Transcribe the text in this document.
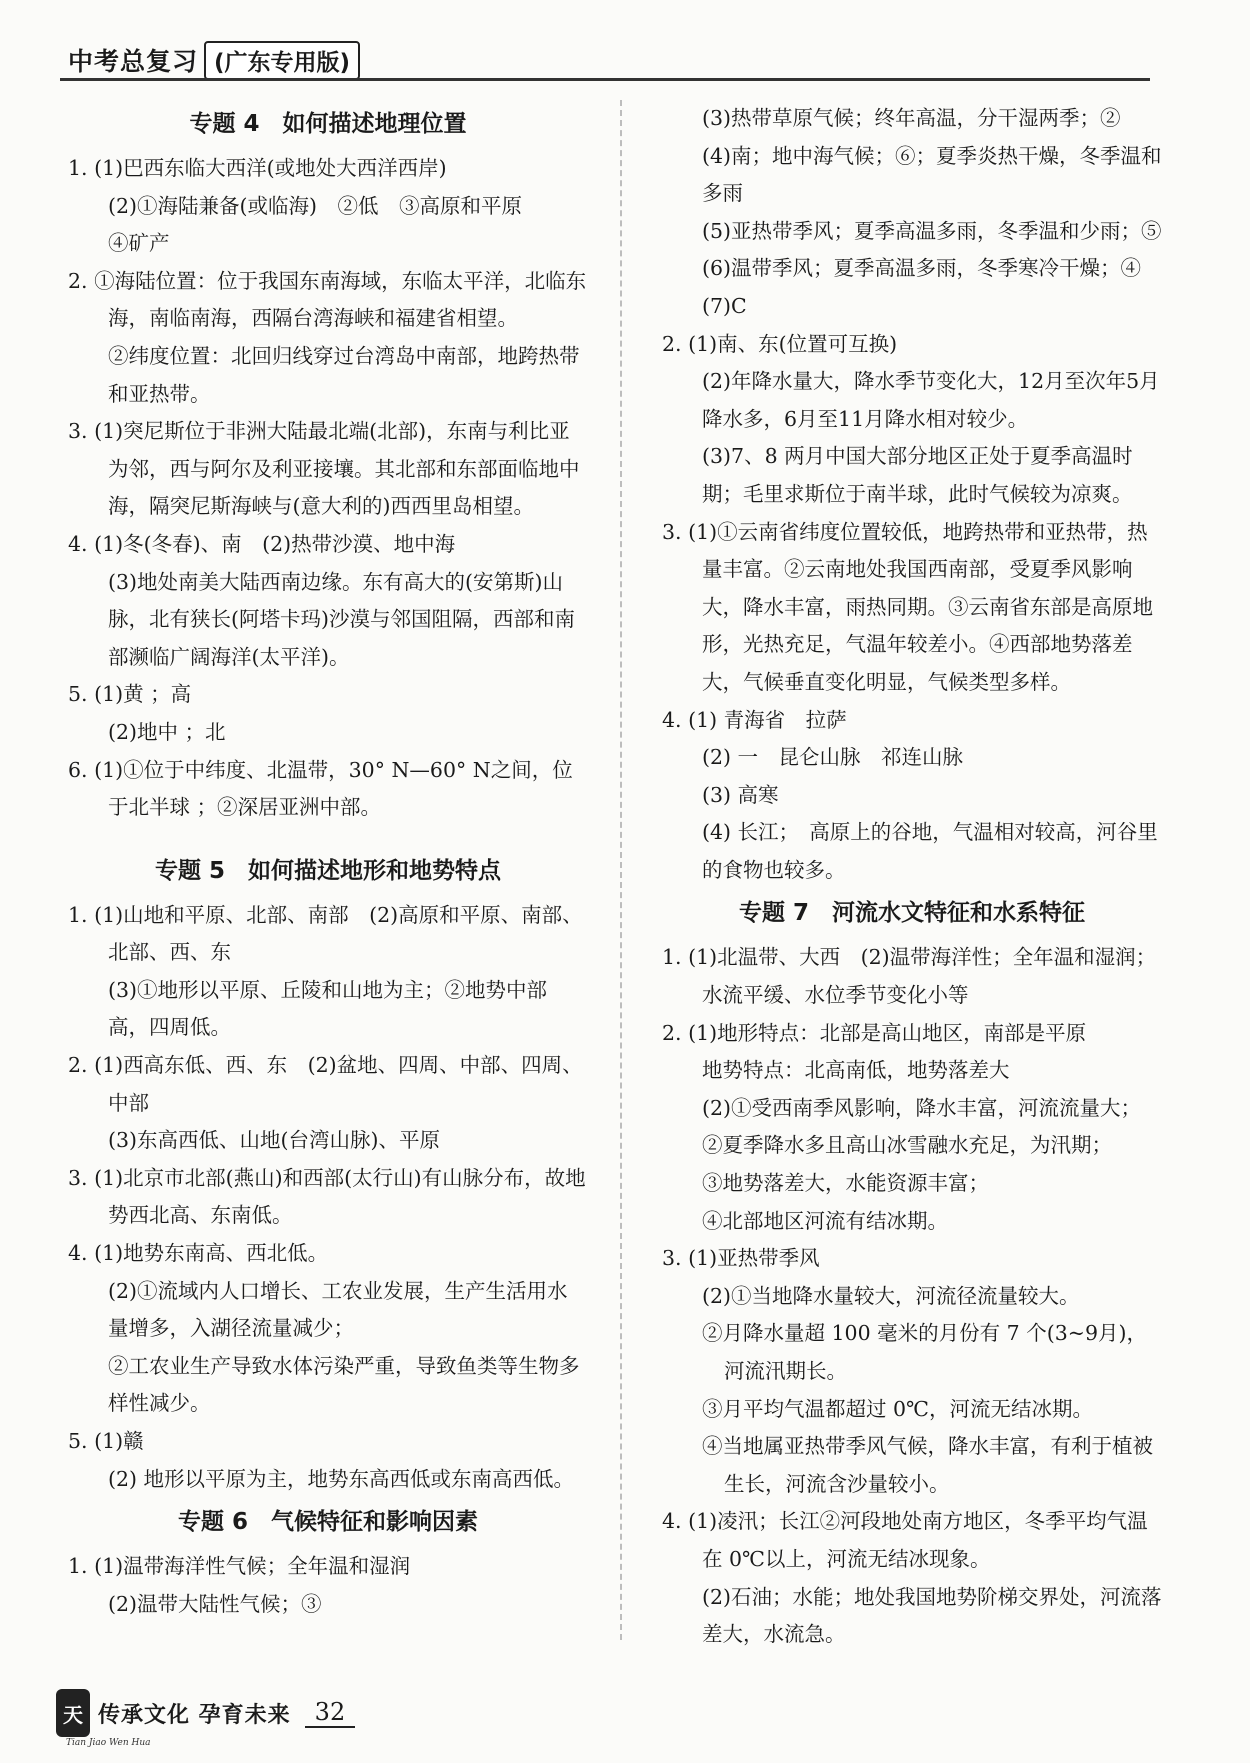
中考总复习 (广东专用版)
专题 4　如何描述地理位置
1. (1)巴西东临大西洋(或地处大西洋西岸)
(2)①海陆兼备(或临海)　②低　③高原和平原
④矿产
2. ①海陆位置：位于我国东南海域，东临太平洋，北临东海，南临南海，西隔台湾海峡和福建省相望。
②纬度位置：北回归线穿过台湾岛中南部，地跨热带和亚热带。
3. (1)突尼斯位于非洲大陆最北端(北部)，东南与利比亚为邻，西与阿尔及利亚接壤。其北部和东部面临地中海，隔突尼斯海峡与(意大利的)西西里岛相望。
4. (1)冬(冬春)、南　(2)热带沙漠、地中海
(3)地处南美大陆西南边缘。东有高大的(安第斯)山脉，北有狭长(阿塔卡玛)沙漠与邻国阻隔，西部和南部濒临广阔海洋(太平洋)。
5. (1)黄 ；高
(2)地中 ；北
6. (1)①位于中纬度、北温带，30° N—60° N之间，位于北半球 ；②深居亚洲中部。
专题 5　如何描述地形和地势特点
1. (1)山地和平原、北部、南部　(2)高原和平原、南部、北部、西、东
(3)①地形以平原、丘陵和山地为主；②地势中部高，四周低。
2. (1)西高东低、西、东　(2)盆地、四周、中部、四周、中部
(3)东高西低、山地(台湾山脉)、平原
3. (1)北京市北部(燕山)和西部(太行山)有山脉分布，故地势西北高、东南低。
4. (1)地势东南高、西北低。
(2)①流域内人口增长、工农业发展，生产生活用水量增多，入湖径流量减少；
②工农业生产导致水体污染严重，导致鱼类等生物多样性减少。
5. (1)赣
(2) 地形以平原为主，地势东高西低或东南高西低。
专题 6　气候特征和影响因素
1. (1)温带海洋性气候；全年温和湿润
(2)温带大陆性气候；③
(3)热带草原气候；终年高温，分干湿两季；②
(4)南；地中海气候；⑥；夏季炎热干燥，冬季温和多雨
(5)亚热带季风；夏季高温多雨，冬季温和少雨；⑤
(6)温带季风；夏季高温多雨，冬季寒冷干燥；④
(7)C
2. (1)南、东(位置可互换)
(2)年降水量大，降水季节变化大，12月至次年5月降水多，6月至11月降水相对较少。
(3)7、8 两月中国大部分地区正处于夏季高温时期；毛里求斯位于南半球，此时气候较为凉爽。
3. (1)①云南省纬度位置较低，地跨热带和亚热带，热量丰富。②云南地处我国西南部，受夏季风影响大，降水丰富，雨热同期。③云南省东部是高原地形，光热充足，气温年较差小。④西部地势落差大，气候垂直变化明显，气候类型多样。
4. (1) 青海省　拉萨
(2) 一　昆仑山脉　祁连山脉
(3) 高寒
(4) 长江；　高原上的谷地，气温相对较高，河谷里的食物也较多。
专题 7　河流水文特征和水系特征
1. (1)北温带、大西　(2)温带海洋性；全年温和湿润；水流平缓、水位季节变化小等
2. (1)地形特点：北部是高山地区，南部是平原
地势特点：北高南低，地势落差大
(2)①受西南季风影响，降水丰富，河流流量大；
②夏季降水多且高山冰雪融水充足，为汛期；
③地势落差大，水能资源丰富；
④北部地区河流有结冰期。
3. (1)亚热带季风
(2)①当地降水量较大，河流径流量较大。
②月降水量超 100 毫米的月份有 7 个(3~9月)，河流汛期长。
③月平均气温都超过 0℃，河流无结冰期。
④当地属亚热带季风气候，降水丰富，有利于植被生长，河流含沙量较小。
4. (1)凌汛；长江②河段地处南方地区，冬季平均气温在 0℃以上，河流无结冰现象。
(2)石油；水能；地处我国地势阶梯交界处，河流落差大，水流急。
天 传承文化 孕育未来	32
Tian Jiao Wen Hua
